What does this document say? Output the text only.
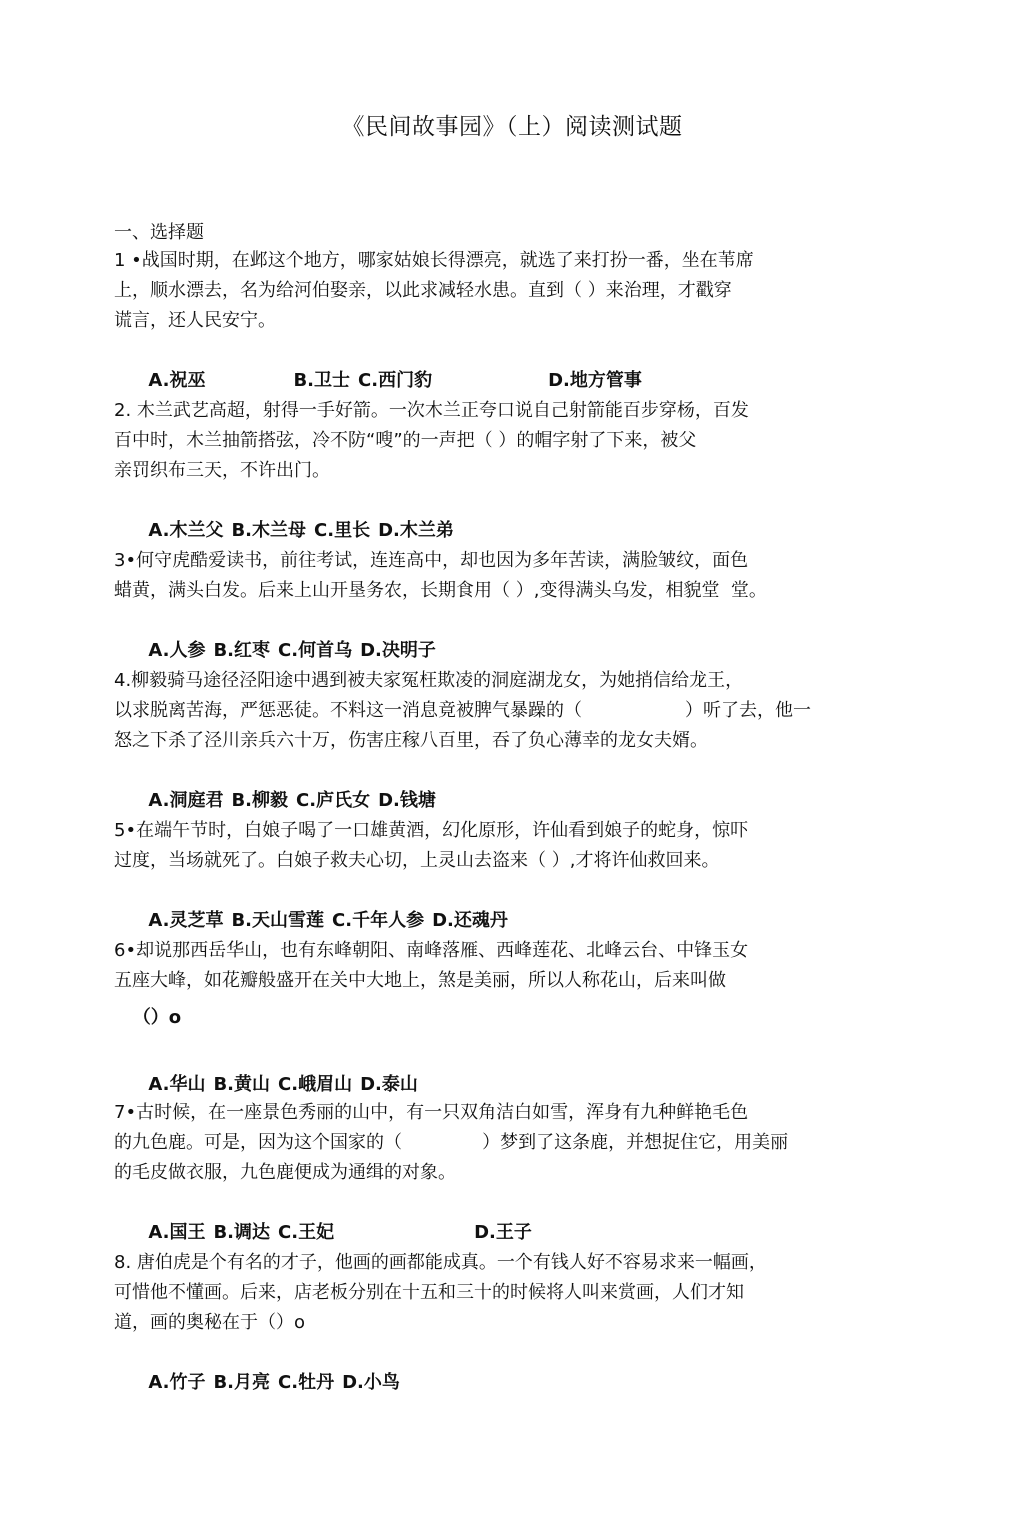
《民间故事园》（上）阅读测试题
一、选择题
1 •战国时期，在邺这个地方，哪家姑娘长得漂亮，就选了来打扮一番，坐在苇席
上，顺水漂去，名为给河伯娶亲，以此求减轻水患。直到（ ）来治理，才戳穿
谎言，还人民安宁。

A.祝巫	B.卫士 C.西门豹	D.地方管事

2. 木兰武艺高超，射得一手好箭。一次木兰正夸口说自己射箭能百步穿杨，百发
百中时，木兰抽箭搭弦，冷不防“嗖”的一声把（ ）的帽字射了下来，被父
亲罚织布三天，不许出门。

A.木兰父 B.木兰母 C.里长 D.木兰弟

3•何守虎酷爱读书，前往考试，连连高中，却也因为多年苦读，满脸皱纹，面色
蜡黄，满头白发。后来上山开垦务农，长期食用（ ）,变得满头乌发，相貌堂  堂。

A.人参 B.红枣 C.何首乌 D.决明子

4.柳毅骑马途径泾阳途中遇到被夫家冤枉欺凌的洞庭湖龙女，为她捎信给龙王，
以求脱离苦海，严惩恶徒。不料这一消息竟被脾气暴躁的（                  ）听了去，他一
怒之下杀了泾川亲兵六十万，伤害庄稼八百里，吞了负心薄幸的龙女夫婿。

A.洞庭君 B.柳毅 C.庐氏女 D.钱塘

5•在端午节时，白娘子喝了一口雄黄酒，幻化原形，许仙看到娘子的蛇身，惊吓
过度，当场就死了。白娘子救夫心切，上灵山去盗来（ ）,才将许仙救回来。

A.灵芝草 B.天山雪莲 C.千年人参 D.还魂丹

6•却说那西岳华山，也有东峰朝阳、南峰落雁、西峰莲花、北峰云台、中锋玉女
五座大峰，如花瓣般盛开在关中大地上，煞是美丽，所以人称花山，后来叫做
（）o

A.华山 B.黄山 C.峨眉山 D.泰山

7•古时候，在一座景色秀丽的山中，有一只双角洁白如雪，浑身有九种鲜艳毛色
的九色鹿。可是，因为这个国家的（              ）梦到了这条鹿，并想捉住它，用美丽
的毛皮做衣服，九色鹿便成为通缉的对象。

A.国王 B.调达 C.王妃	D.王子

8. 唐伯虎是个有名的才子，他画的画都能成真。一个有钱人好不容易求来一幅画，
可惜他不懂画。后来，店老板分别在十五和三十的时候将人叫来赏画，人们才知
道，画的奥秘在于（）o

A.竹子 B.月亮 C.牡丹 D.小鸟
